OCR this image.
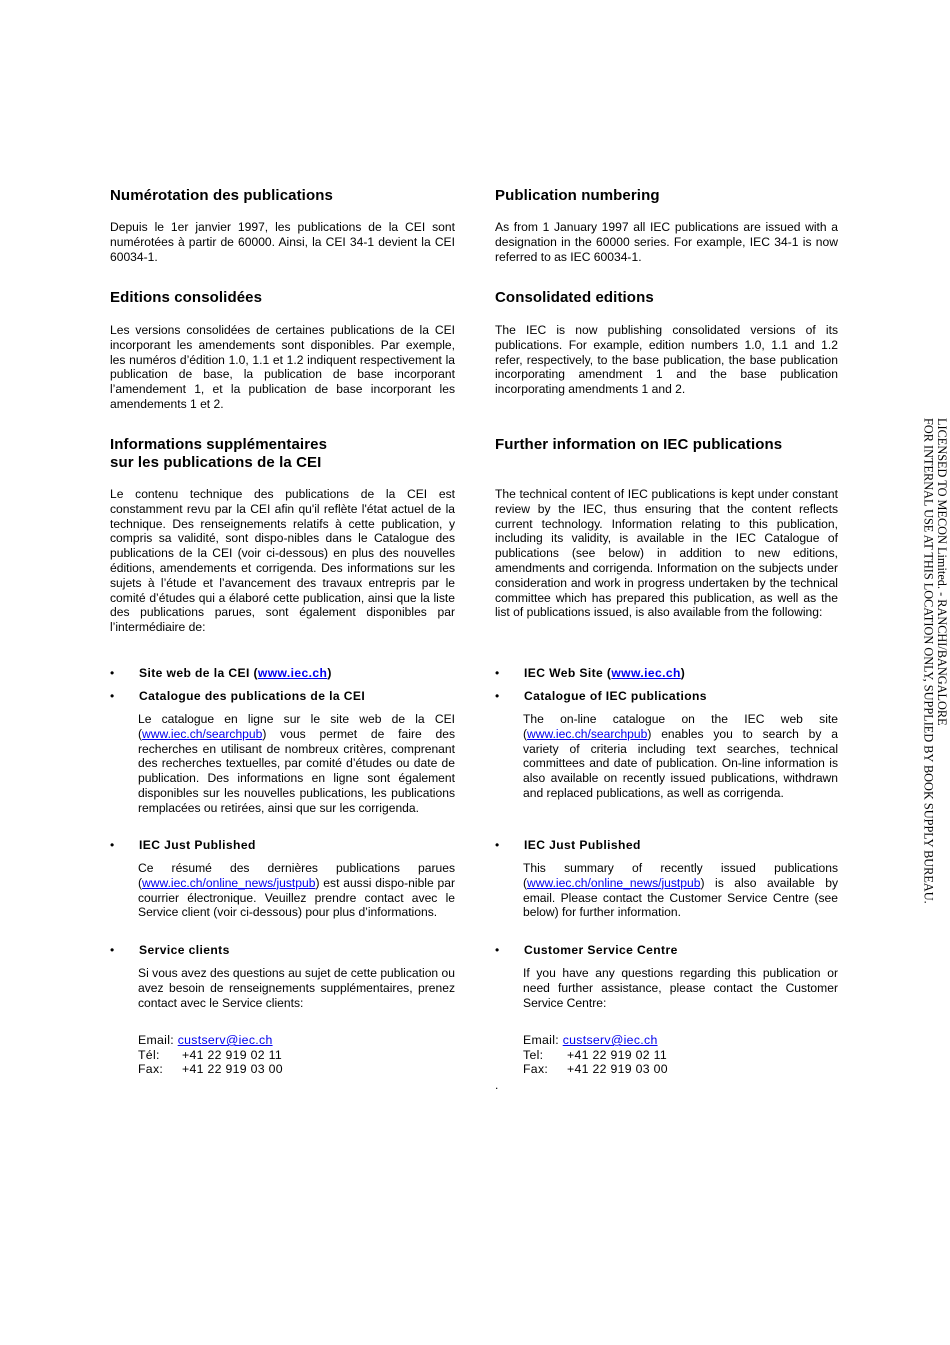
Numérotation des publications

Depuis le 1er janvier 1997, les publications de la CEI sont numérotées à partir de 60000. Ainsi, la CEI 34-1 devient la CEI 60034-1.

Editions consolidées

Les versions consolidées de certaines publications de la CEI incorporant les amendements sont disponibles. Par exemple, les numéros d’édition 1.0, 1.1 et 1.2 indiquent respectivement la publication de base, la publication de base incorporant l’amendement 1, et la publication de base incorporant les amendements 1 et 2.

Informations supplémentaires
sur les publications de la CEI

Le contenu technique des publications de la CEI est constamment revu par la CEI afin qu'il reflète l'état actuel de la technique. Des renseignements relatifs à cette publication, y compris sa validité, sont dispo-nibles dans le Catalogue des publications de la CEI (voir ci-dessous) en plus des nouvelles éditions, amendements et corrigenda. Des informations sur les sujets à l’étude et l’avancement des travaux entrepris par le comité d’études qui a élaboré cette publication, ainsi que la liste des publications parues, sont également disponibles par l’intermédiaire de:

• Site web de la CEI (www.iec.ch)
• Catalogue des publications de la CEI

Le catalogue en ligne sur le site web de la CEI (www.iec.ch/searchpub) vous permet de faire des recherches en utilisant de nombreux critères, comprenant des recherches textuelles, par comité d’études ou date de publication. Des informations en ligne sont également disponibles sur les nouvelles publications, les publications remplacées ou retirées, ainsi que sur les corrigenda.

• IEC Just Published

Ce résumé des dernières publications parues (www.iec.ch/online_news/justpub) est aussi dispo-nible par courrier électronique. Veuillez prendre contact avec le Service client (voir ci-dessous) pour plus d’informations.

• Service clients

Si vous avez des questions au sujet de cette publication ou avez besoin de renseignements supplémentaires, prenez contact avec le Service clients:

Email: custserv@iec.ch
Tél: +41 22 919 02 11
Fax: +41 22 919 03 00
Publication numbering

As from 1 January 1997 all IEC publications are issued with a designation in the 60000 series. For example, IEC 34-1 is now referred to as IEC 60034-1.

Consolidated editions

The IEC is now publishing consolidated versions of its publications. For example, edition numbers 1.0, 1.1 and 1.2 refer, respectively, to the base publication, the base publication incorporating amendment 1 and the base publication incorporating amendments 1 and 2.

Further information on IEC publications

The technical content of IEC publications is kept under constant review by the IEC, thus ensuring that the content reflects current technology. Information relating to this publication, including its validity, is available in the IEC Catalogue of publications (see below) in addition to new editions, amendments and corrigenda. Information on the subjects under consideration and work in progress undertaken by the technical committee which has prepared this publication, as well as the list of publications issued, is also available from the following:

• IEC Web Site (www.iec.ch)
• Catalogue of IEC publications

The on-line catalogue on the IEC web site (www.iec.ch/searchpub) enables you to search by a variety of criteria including text searches, technical committees and date of publication. On-line information is also available on recently issued publications, withdrawn and replaced publications, as well as corrigenda.

• IEC Just Published

This summary of recently issued publications (www.iec.ch/online_news/justpub) is also available by email. Please contact the Customer Service Centre (see below) for further information.

• Customer Service Centre

If you have any questions regarding this publication or need further assistance, please contact the Customer Service Centre:

Email: custserv@iec.ch
Tel: +41 22 919 02 11
Fax: +41 22 919 03 00
.
LICENSED TO MECON Limited. - RANCHI/BANGALORE
FOR INTERNAL USE AT THIS LOCATION ONLY, SUPPLIED BY BOOK SUPPLY BUREAU.
